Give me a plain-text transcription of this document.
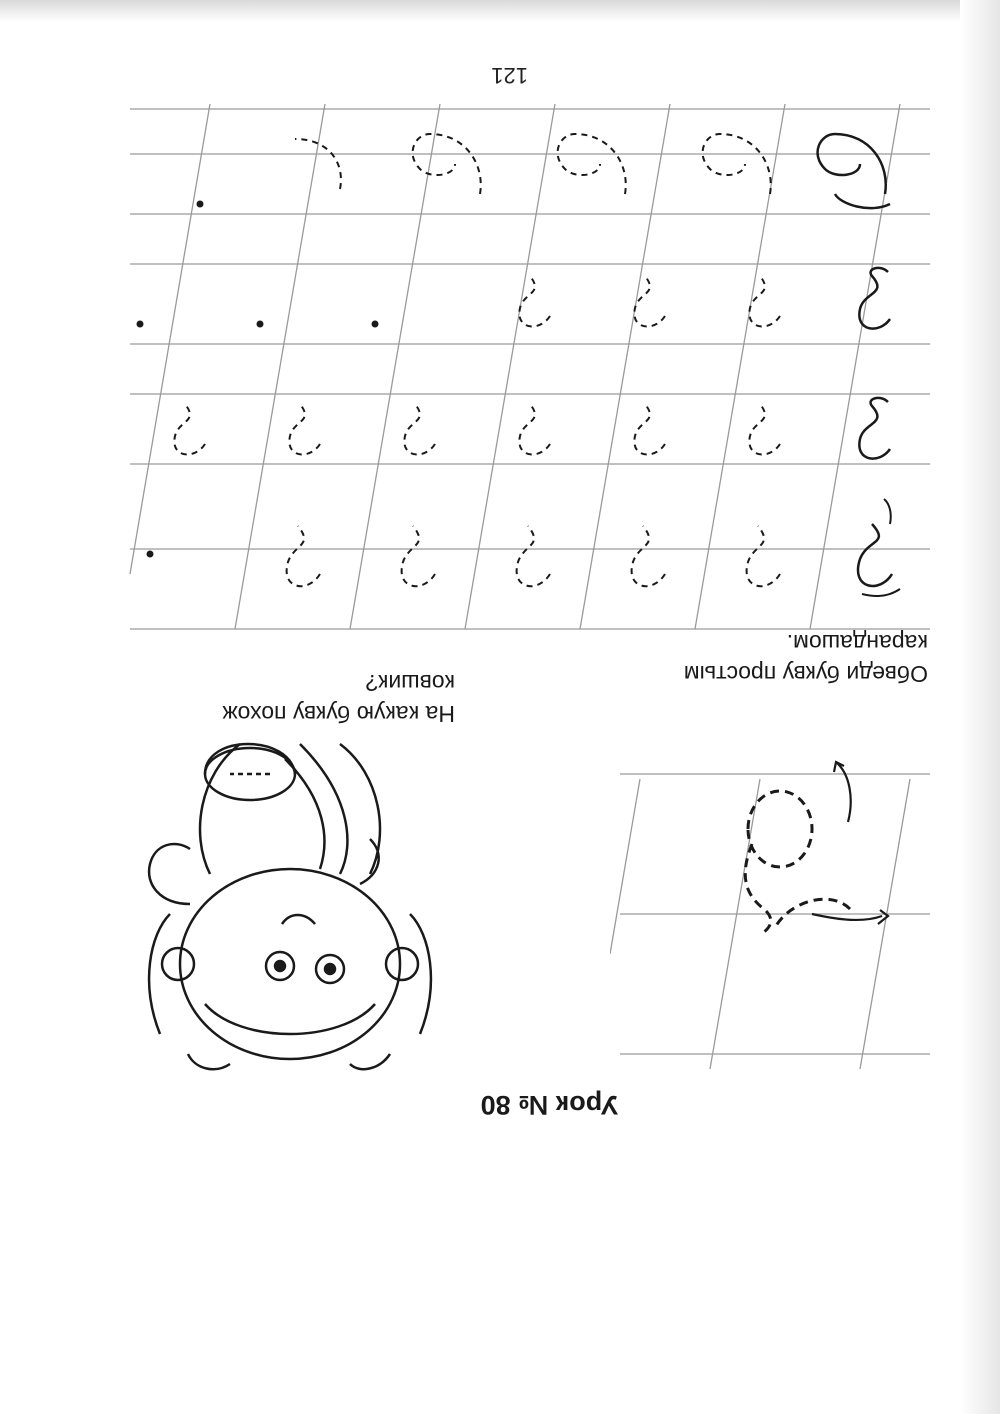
Урок № 80
Обведи букву простым
карандашом.
На какую букву похож
ковшик?
121
